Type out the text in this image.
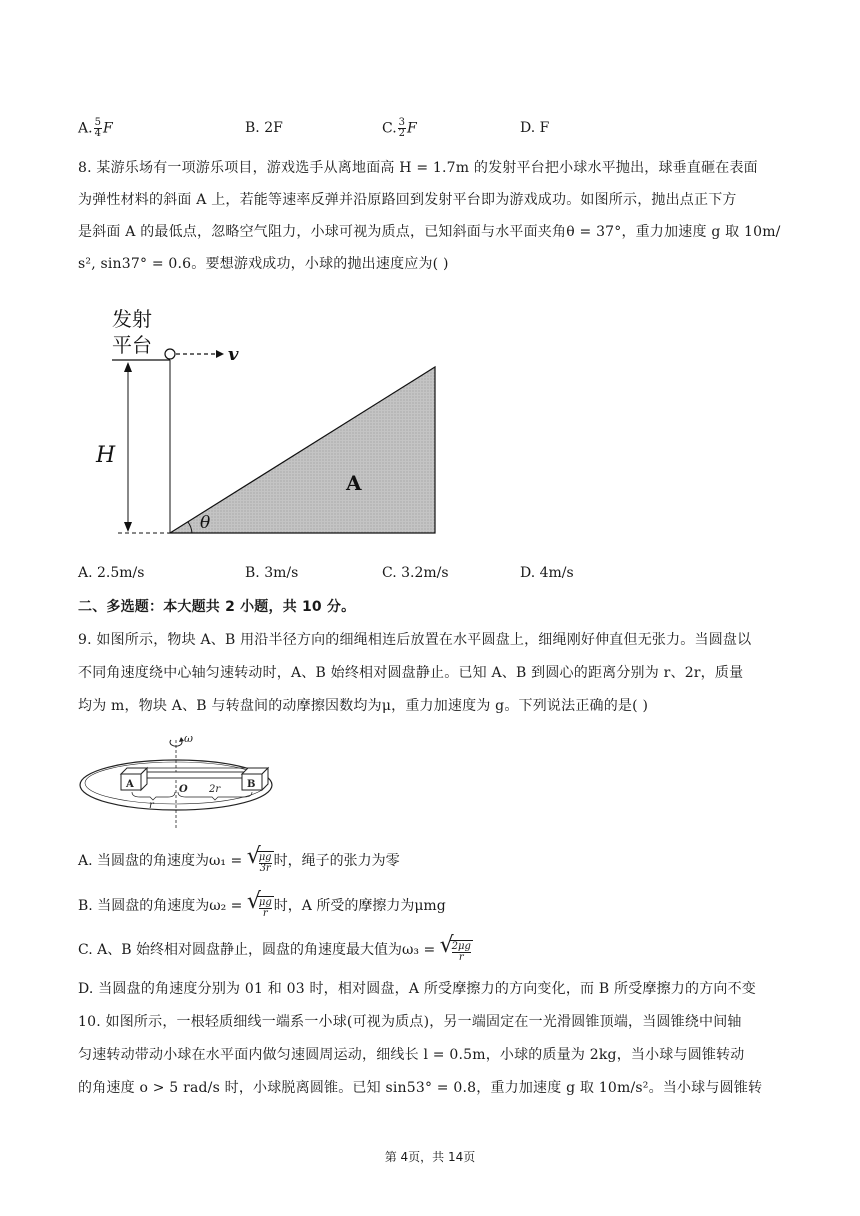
A. $\frac{5}{4}$ F	B. 2F	C. $\frac{3}{2}$ F	D. F
8. 某游乐场有一项游乐项目，游戏选手从离地面高 H = 1.7m 的发射平台把小球水平抛出，球垂直砸在表面
为弹性材料的斜面 A 上，若能等速率反弹并沿原路回到发射平台即为游戏成功。如图所示，抛出点正下方
是斜面 A 的最低点，忽略空气阻力，小球可视为质点，已知斜面与水平面夹角θ = 37°，重力加速度 g 取 10m/
s², sin37° = 0.6。要想游戏成功，小球的抛出速度应为( )
发射
平台	v
H
θ
A
A. 2.5m/s	B. 3m/s	C. 3.2m/s	D. 4m/s
二、多选题：本大题共 2 小题，共 10 分。
9. 如图所示，物块 A、B 用沿半径方向的细绳相连后放置在水平圆盘上，细绳刚好伸直但无张力。当圆盘以
不同角速度绕中心轴匀速转动时，A、B 始终相对圆盘静止。已知 A、B 到圆心的距离分别为 r、2r，质量
均为 m，物块 A、B 与转盘间的动摩擦因数均为μ，重力加速度为 g。下列说法正确的是( )
ω
A	B
O
r
2r
A. 当圆盘的角速度为ω₁ = √
$\frac{\mu g}{3r}$ 时，绳子的张力为零
B. 当圆盘的角速度为ω₂ = √
$\frac{\mu g}{r}$ 时，A 所受的摩擦力为μmg
C. A、B 始终相对圆盘静止，圆盘的角速度最大值为ω₃ = √
$\frac{2\mu g}{r}$
D. 当圆盘的角速度分别为 01 和 03 时，相对圆盘，A 所受摩擦力的方向变化，而 B 所受摩擦力的方向不变
10. 如图所示，一根轻质细线一端系一小球(可视为质点)，另一端固定在一光滑圆锥顶端，当圆锥绕中间轴
匀速转动带动小球在水平面内做匀速圆周运动，细线长 l = 0.5m，小球的质量为 2kg，当小球与圆锥转动
的角速度 o > 5 rad/s 时，小球脱离圆锥。已知 sin53° = 0.8，重力加速度 g 取 10m/s²。当小球与圆锥转
第 4页，共 14页
